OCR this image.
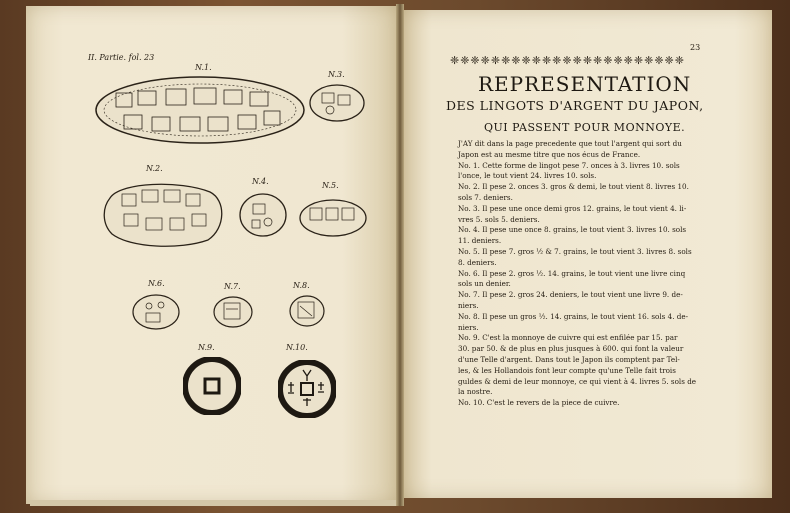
II. Partie. fol. 23
N.1.
N.3.
N.2.
N.4.	N.5.
N.6.	N.7.	N.8.
N.9.	N.10.
23
❈❈❈❈❈❈❈❈❈❈❈❈❈❈❈❈❈❈❈❈❈❈❈
REPRESENTATION
DES LINGOTS D'ARGENT DU JAPON,
QUI PASSENT POUR MONNOYE.
J'AY dit dans la page precedente que tout l'argent qui sort du
Japon est au mesme titre que nos écus de France.
No. 1. Cette forme de lingot pese 7. onces à 3. livres 10. sols
l'once, le tout vient 24. livres 10. sols.
No. 2. Il pese 2. onces 3. gros & demi, le tout vient 8. livres 10.
sols 7. deniers.
No. 3. Il pese une once demi gros 12. grains, le tout vient 4. li-
vres 5. sols 5. deniers.
No. 4. Il pese une once 8. grains, le tout vient 3. livres 10. sols
11. deniers.
No. 5. Il pese 7. gros ½ & 7. grains, le tout vient 3. livres 8. sols
8. deniers.
No. 6. Il pese 2. gros ½. 14. grains, le tout vient une livre cinq
sols un denier.
No. 7. Il pese 2. gros 24. deniers, le tout vient une livre 9. de-
niers.
No. 8. Il pese un gros ½. 14. grains, le tout vient 16. sols 4. de-
niers.
No. 9. C'est la monnoye de cuivre qui est enfilée par 15. par
30. par 50. & de plus en plus jusques à 600. qui font la valeur
d'une Telle d'argent. Dans tout le Japon ils comptent par Tel-
les, & les Hollandois font leur compte qu'une Telle fait trois
guldes & demi de leur monnoye, ce qui vient à 4. livres 5. sols de
la nostre.
No. 10. C'est le revers de la piece de cuivre.
